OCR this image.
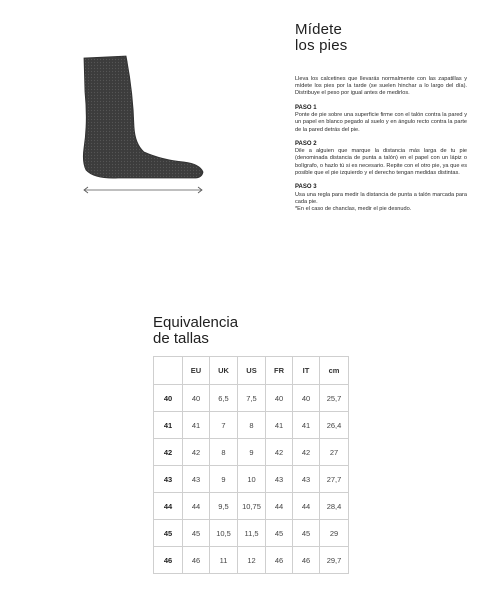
Mídete
los pies
Lleva los calcetines que llevarás normalmente con las zapatillas y mídete los pies por la tarde (se suelen hinchar a lo largo del día). Distribuye el peso por igual antes de medirlos.
PASO 1
Ponte de pie sobre una superficie firme con el talón contra la pared y un papel en blanco pegado al suelo y en ángulo recto contra la parte de la pared detrás del pie.
PASO 2
Dile a alguien que marque la distancia más larga de tu pie (denominada distancia de punta a talón) en el papel con un lápiz o bolígrafo, o hazlo tú si es necesario. Repite con el otro pie, ya que es posible que el pie izquierdo y el derecho tengan medidas distintas.
PASO 3
Usa una regla para medir la distancia de punta a talón marcada para cada pie.
*En el caso de chanclas, medir el pie desnudo.
Equivalencia
de tallas
	EU	UK	US	FR	IT	cm
40	40	6,5	7,5	40	40	25,7
41	41	7	8	41	41	26,4
42	42	8	9	42	42	27
43	43	9	10	43	43	27,7
44	44	9,5	10,75	44	44	28,4
45	45	10,5	11,5	45	45	29
46	46	11	12	46	46	29,7
